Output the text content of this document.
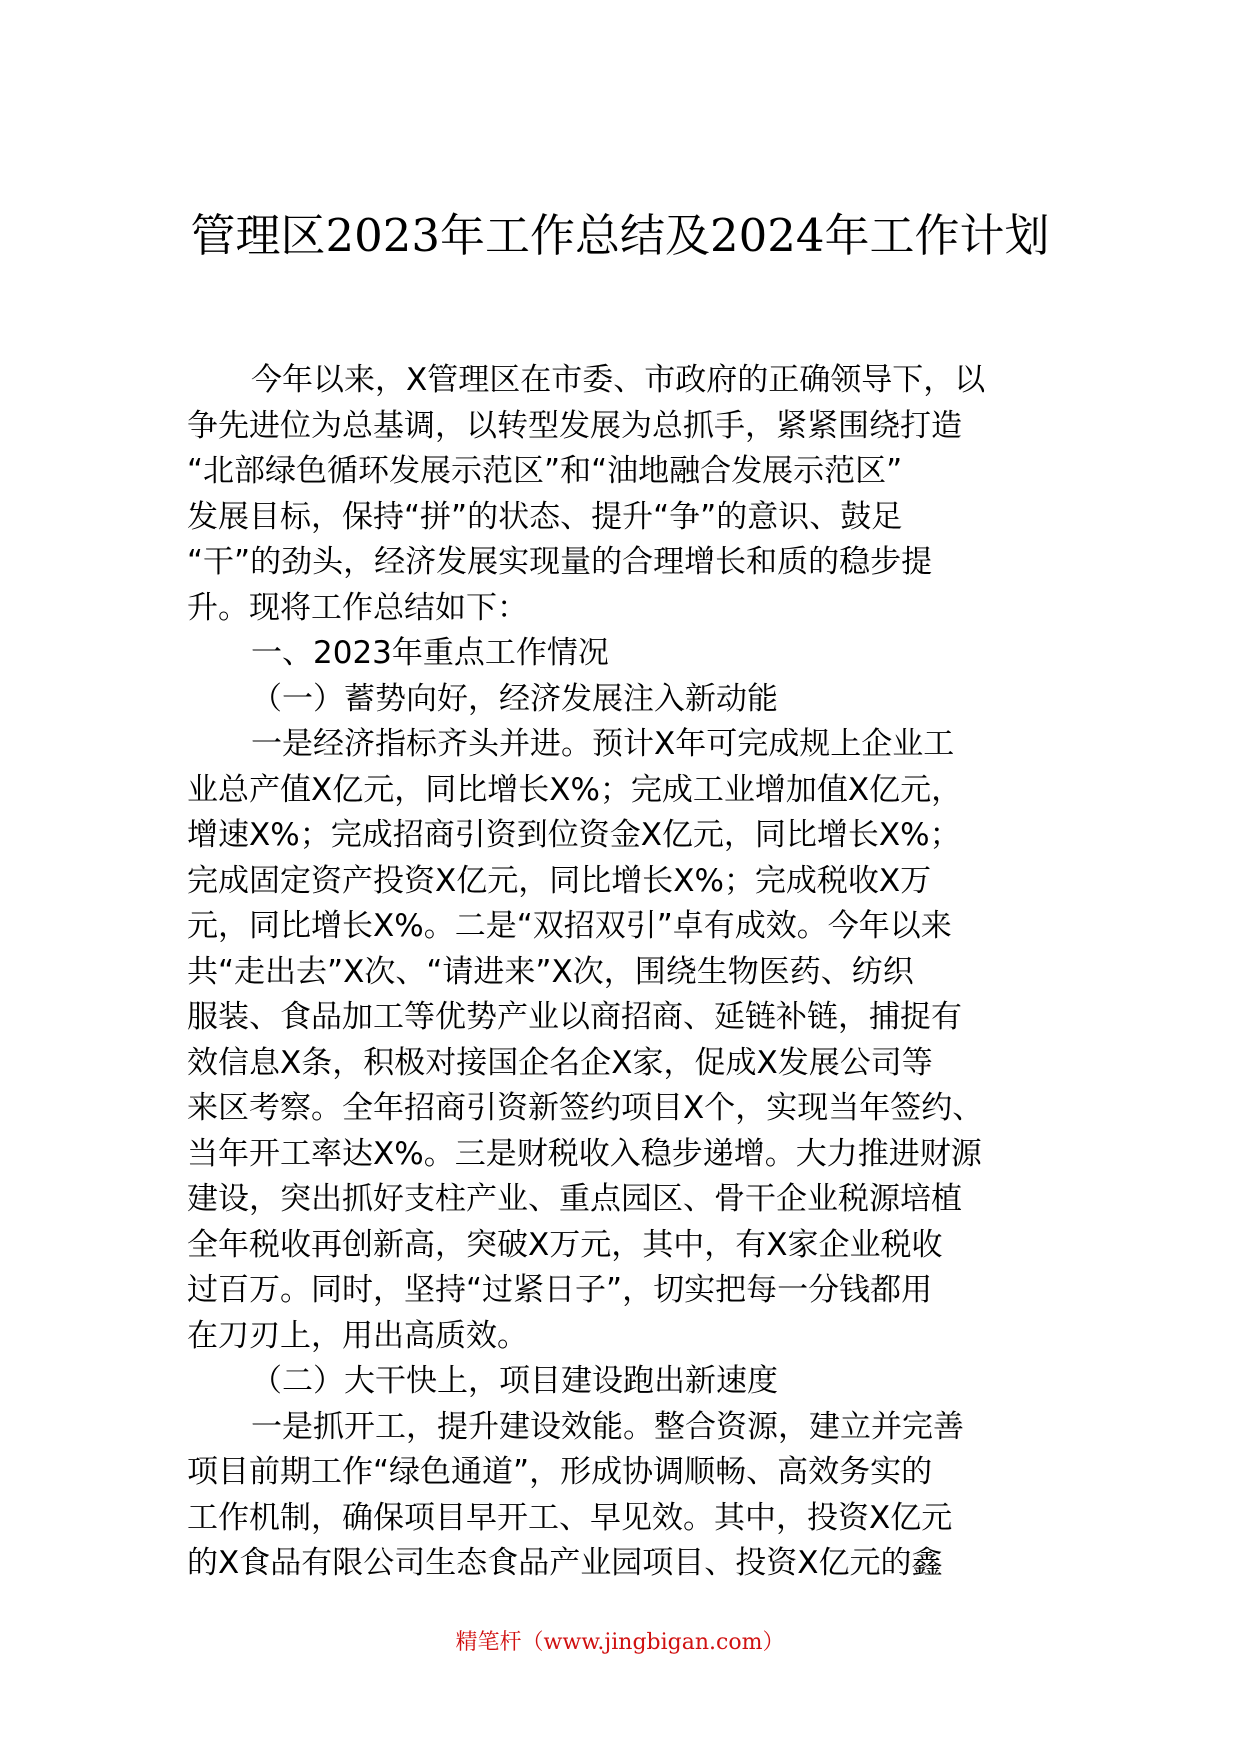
管理区2023年工作总结及2024年工作计划
今年以来，X管理区在市委、市政府的正确领导下，以
争先进位为总基调，以转型发展为总抓手，紧紧围绕打造
“北部绿色循环发展示范区”和“油地融合发展示范区”
发展目标，保持“拼”的状态、提升“争”的意识、鼓足
“干”的劲头，经济发展实现量的合理增长和质的稳步提
升。现将工作总结如下：
一、2023年重点工作情况
（一）蓄势向好，经济发展注入新动能
一是经济指标齐头并进。预计X年可完成规上企业工
业总产值X亿元，同比增长X%；完成工业增加值X亿元，
增速X%；完成招商引资到位资金X亿元，同比增长X%；
完成固定资产投资X亿元，同比增长X%；完成税收X万
元，同比增长X%。二是“双招双引”卓有成效。今年以来
共“走出去”X次、“请进来”X次，围绕生物医药、纺织
服装、食品加工等优势产业以商招商、延链补链，捕捉有
效信息X条，积极对接国企名企X家，促成X发展公司等
来区考察。全年招商引资新签约项目X个，实现当年签约、
当年开工率达X%。三是财税收入稳步递增。大力推进财源
建设，突出抓好支柱产业、重点园区、骨干企业税源培植
全年税收再创新高，突破X万元，其中，有X家企业税收
过百万。同时，坚持“过紧日子”，切实把每一分钱都用
在刀刃上，用出高质效。
（二）大干快上，项目建设跑出新速度
一是抓开工，提升建设效能。整合资源，建立并完善
项目前期工作“绿色通道”，形成协调顺畅、高效务实的
工作机制，确保项目早开工、早见效。其中，投资X亿元
的X食品有限公司生态食品产业园项目、投资X亿元的鑫
精笔杆（www.jingbigan.com）
